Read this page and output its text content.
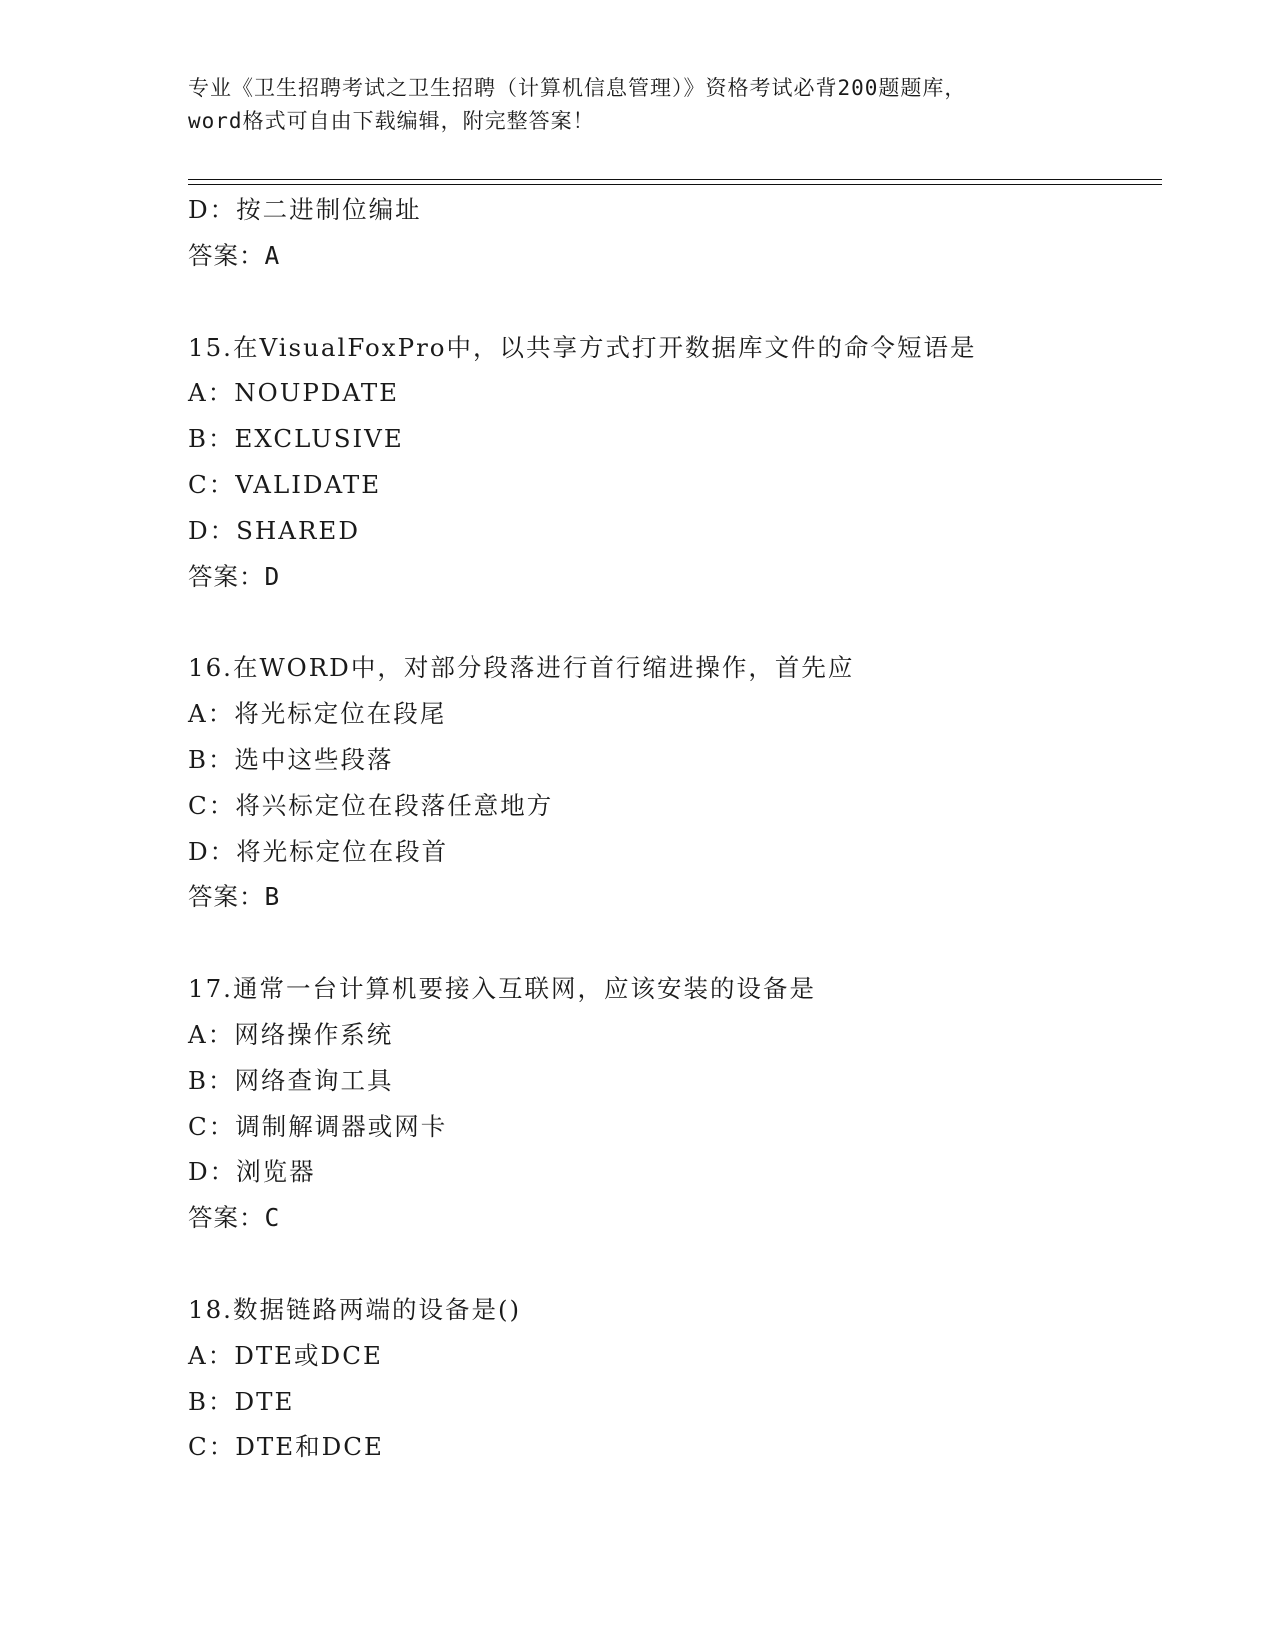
专业《卫生招聘考试之卫生招聘（计算机信息管理）》资格考试必背200题题库，
word格式可自由下载编辑，附完整答案！
D：按二进制位编址
答案：A
15.在VisualFoxPro中，以共享方式打开数据库文件的命令短语是
A：NOUPDATE
B：EXCLUSIVE
C：VALIDATE
D：SHARED
答案：D
16.在WORD中，对部分段落进行首行缩进操作，首先应
A：将光标定位在段尾
B：选中这些段落
C：将兴标定位在段落任意地方
D：将光标定位在段首
答案：B
17.通常一台计算机要接入互联网，应该安装的设备是
A：网络操作系统
B：网络查询工具
C：调制解调器或网卡
D：浏览器
答案：C
18.数据链路两端的设备是()
A：DTE或DCE
B：DTE
C：DTE和DCE
